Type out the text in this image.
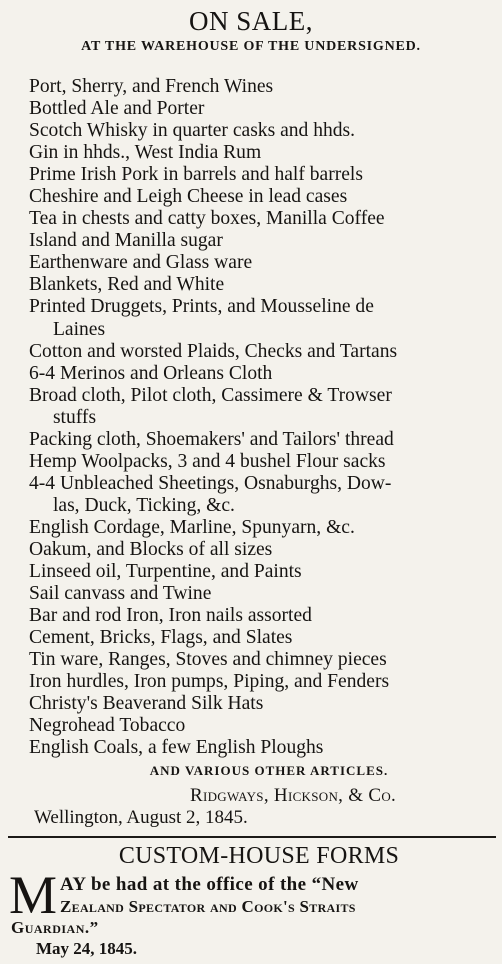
ON SALE,
AT THE WAREHOUSE OF THE UNDERSIGNED.
Port, Sherry, and French Wines
Bottled Ale and Porter
Scotch Whisky in quarter casks and hhds.
Gin in hhds., West India Rum
Prime Irish Pork in barrels and half barrels
Cheshire and Leigh Cheese in lead cases
Tea in chests and catty boxes, Manilla Coffee
Island and Manilla sugar
Earthenware and Glass ware
Blankets, Red and White
Printed Druggets, Prints, and Mousseline de
Laines
Cotton and worsted Plaids, Checks and Tartans
6-4 Merinos and Orleans Cloth
Broad cloth, Pilot cloth, Cassimere & Trowser
stuffs
Packing cloth, Shoemakers' and Tailors' thread
Hemp Woolpacks, 3 and 4 bushel Flour sacks
4-4 Unbleached Sheetings, Osnaburghs, Dow-
las, Duck, Ticking, &c.
English Cordage, Marline, Spunyarn, &c.
Oakum, and Blocks of all sizes
Linseed oil, Turpentine, and Paints
Sail canvass and Twine
Bar and rod Iron, Iron nails assorted
Cement, Bricks, Flags, and Slates
Tin ware, Ranges, Stoves and chimney pieces
Iron hurdles, Iron pumps, Piping, and Fenders
Christy's Beaverand Silk Hats
Negrohead Tobacco
English Coals, a few English Ploughs
AND VARIOUS OTHER ARTICLES.
Ridgways, Hickson, & Co.
Wellington, August 2, 1845.
CUSTOM-HOUSE FORMS
M AY be had at the office of the “New
Zealand Spectator and Cook's Straits
Guardian.”
May 24, 1845.
